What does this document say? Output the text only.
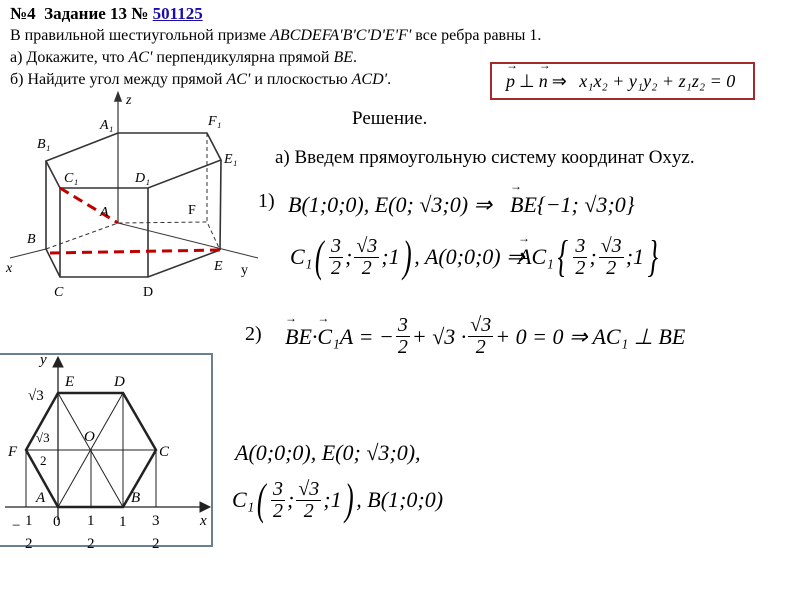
№4 Задание 13 № 501125
В правильной шестиугольной призме ABCDEFA'B'C'D'E'F' все ребра равны 1.
а) Докажите, что AC' перпендикулярна прямой BE.
б) Найдите угол между прямой AC' и плоскостью ACD'.	→ p ⊥ → n ⇒
x₁x₂ + y₁y₂ + z₁z₂ = 0
Решение.
а) Введем прямоугольную систему координат Oxyz.
z
A₁	F₁
B₁
E₁
C₁	D₁
A	F
B
x
C	D
E y
y
x
E	D
O
F	C
A	B
√3
√3
2
− 1
2
0 1
2
1 3
2
1) B(1;0;0), E(0; √3;0) ⇒ → BE {−1; √3;0}
C₁ ( $\frac{3}{2}$ ; $\frac{√3}{2}$ ;1 ) , A(0;0;0) ⇒
→ AC₁ { $\frac{3}{2}$ ; $\frac{√3}{2}$ ;1 }
2) → BE · → C₁A
= − $\frac{3}{2} + √3 \cdot \frac{√3}{2} + 0 = 0$ ⇒ AC₁ ⊥ BE
A(0;0;0), E(0; √3;0),
C₁ ( $\frac{3}{2}$ ; $\frac{√3}{2}$ ;1 ) , B(1;0;0)
